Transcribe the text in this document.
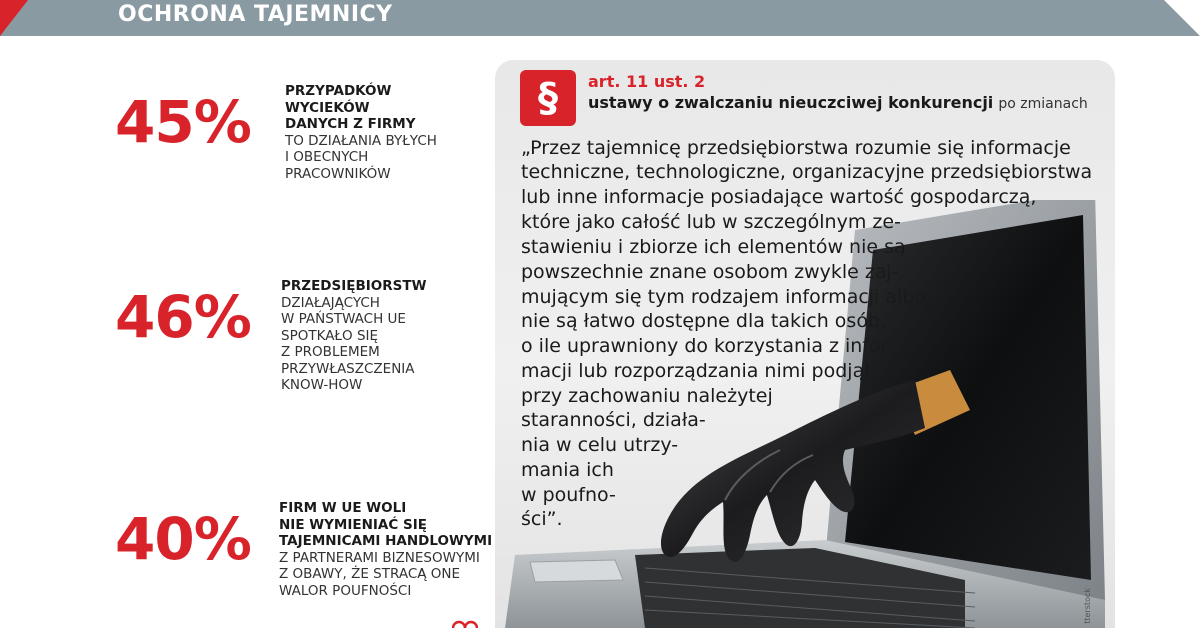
OCHRONA TAJEMNICY
45%	PRZYPADKÓW
WYCIEKÓW
DANYCH Z FIRMY
TO DZIAŁANIA BYŁYCH
I OBECNYCH
PRACOWNIKÓW
46% PRZEDSIĘBIORSTW
DZIAŁAJĄCYCH
W PAŃSTWACH UE
SPOTKAŁO SIĘ
Z PROBLEMEM
PRZYWŁASZCZENIA
KNOW-HOW
40% FIRM W UE WOLI
NIE WYMIENIAĆ SIĘ
TAJEMNICAMI HANDLOWYMI
Z PARTNERAMI BIZNESOWYMI
Z OBAWY, ŻE STRACĄ ONE
WALOR POUFNOŚCI
§	art. 11 ust. 2
ustawy o zwalczaniu nieuczciwej konkurencji po zmianach
„Przez tajemnicę przedsiębiorstwa rozumie się informacje
techniczne, technologiczne, organizacyjne przedsiębiorstwa
lub inne informacje posiadające wartość gospodarczą,
które jako całość lub w szczególnym ze-
stawieniu i zbiorze ich elementów nie są
powszechnie znane osobom zwykle zaj-
mującym się tym rodzajem informacji albo
nie są łatwo dostępne dla takich osób,
o ile uprawniony do korzystania z infor-
macji lub rozporządzania nimi podjął,
przy zachowaniu należytej
staranności, działa-
nia w celu utrzy-
mania ich
w poufno-
ści”.
tterstock
